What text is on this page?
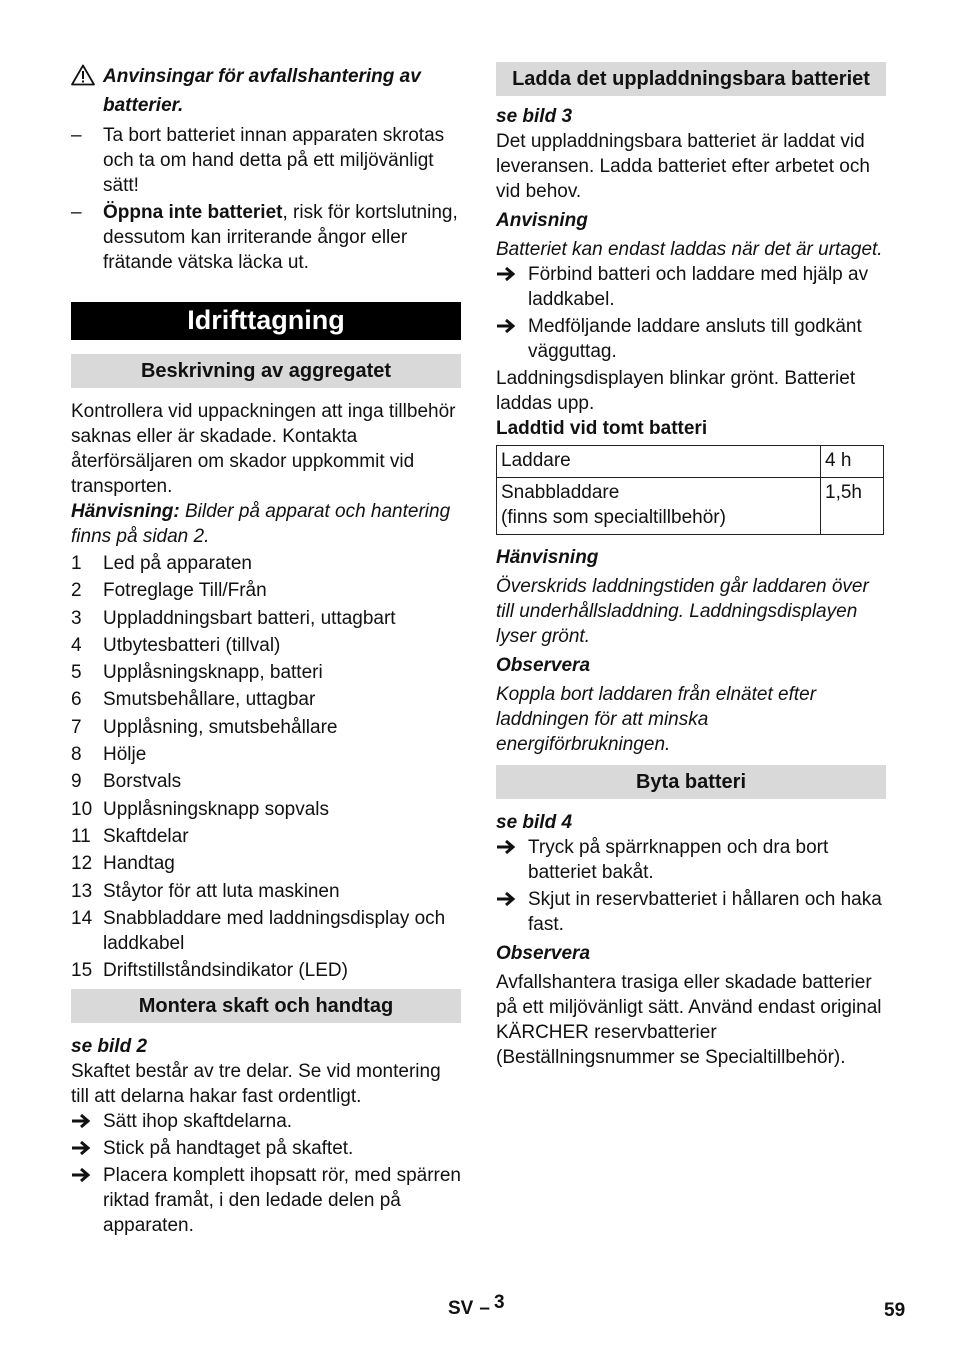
Anvinsingar för avfallshantering av batterier.
– Ta bort batteriet innan apparaten skrotas och ta om hand detta på ett miljövänligt sätt!
– Öppna inte batteriet, risk för kortslutning, dessutom kan irriterande ångor eller frätande vätska läcka ut.
Idrifttagning
Beskrivning av aggregatet

Kontrollera vid uppackningen att inga tillbehör saknas eller är skadade. Kontakta återförsäljaren om skador uppkommit vid transporten.

Hänvisning: Bilder på apparat och hantering finns på sidan 2.

1 Led på apparaten
2 Fotreglage Till/Från
3 Uppladdningsbart batteri, uttagbart
4 Utbytesbatteri (tillval)
5 Upplåsningsknapp, batteri
6 Smutsbehållare, uttagbar
7 Upplåsning, smutsbehållare
8 Hölje
9 Borstvals
10 Upplåsningsknapp sopvals
11 Skaftdelar
12 Handtag
13 Ståytor för att luta maskinen
14 Snabbladdare med laddningsdisplay och laddkabel
15 Driftstillståndsindikator (LED)
Montera skaft och handtag

se bild 2

Skaftet består av tre delar. Se vid montering till att delarna hakar fast ordentligt.

Sätt ihop skaftdelarna.
Stick på handtaget på skaftet.
Placera komplett ihopsatt rör, med spärren riktad framåt, i den ledade delen på apparaten.
Ladda det uppladdningsbara batteriet

se bild 3

Det uppladdningsbara batteriet är laddat vid leveransen. Ladda batteriet efter arbetet och vid behov.

Anvisning

Batteriet kan endast laddas när det är urtaget.

Förbind batteri och laddare med hjälp av laddkabel.
Medföljande laddare ansluts till godkänt vägguttag.

Laddningsdisplayen blinkar grönt. Batteriet laddas upp.

Laddtid vid tomt batteri

Laddare	4 h
Snabbladdare
(finns som specialtillbehör)	1,5h

Hänvisning

Överskrids laddningstiden går laddaren över till underhållsladdning. Laddningsdisplayen lyser grönt.

Observera

Koppla bort laddaren från elnätet efter laddningen för att minska energiförbrukningen.

Byta batteri

se bild 4

Tryck på spärrknappen och dra bort batteriet bakåt.
Skjut in reservbatteriet i hållaren och haka fast.

Observera

Avfallshantera trasiga eller skadade batterier på ett miljövänligt sätt. Använd endast original KÄRCHER reservbatterier (Beställningsnummer se Specialtillbehör).

SV – 3	59
